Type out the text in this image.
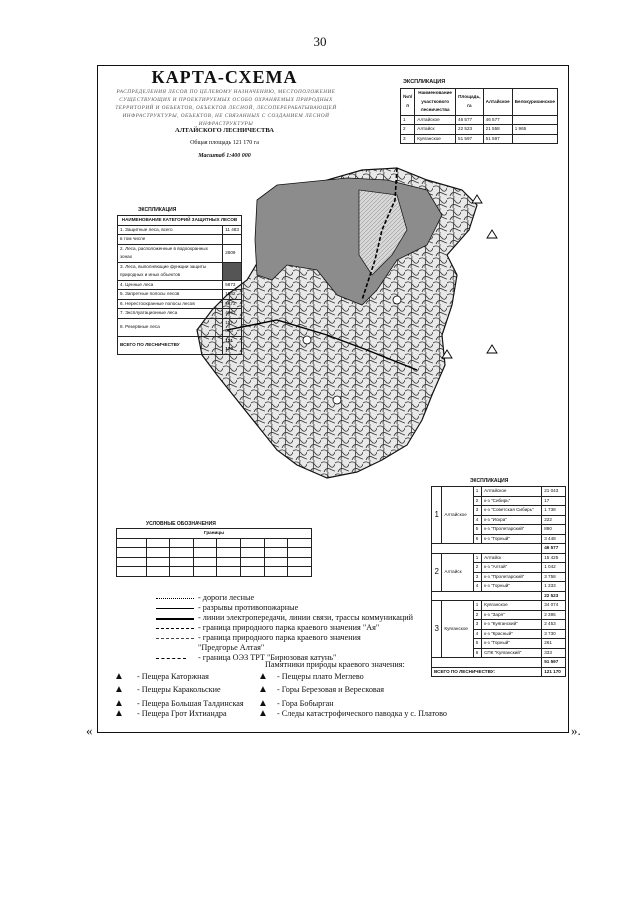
30
КАРТА-СХЕМА
РАСПРЕДЕЛЕНИЯ ЛЕСОВ ПО ЦЕЛЕВОМУ НАЗНАЧЕНИЮ, МЕСТОПОЛОЖЕНИЕ СУЩЕСТВУЮЩИХ И ПРОЕКТИРУЕМЫХ ОСОБО ОХРАНЯЕМЫХ ПРИРОДНЫХ ТЕРРИТОРИЙ И ОБЪЕКТОВ, ОБЪЕКТОВ ЛЕСНОЙ, ЛЕСОПЕРЕРАБАТЫВАЮЩЕЙ ИНФРАСТРУКТУРЫ, ОБЪЕКТОВ, НЕ СВЯЗАННЫХ С СОЗДАНИЕМ ЛЕСНОЙ ИНФРАСТРУКТУРЫ
АЛТАЙСКОГО ЛЕСНИЧЕСТВА
Общая площадь 121 170 га
Масштаб 1:400 000
ЭКСПЛИКАЦИЯ
№п/п	Наименование участкового лесничества	Площадь, га	Алтайское	Белокурихинское
1	Алтайское	46 577	46 577	
2	Алтайск	22 523	21 558	1 965
3	Куяганское	51 597	51 597	
ЭКСПЛИКАЦИЯ
НАИМЕНОВАНИЕ КАТЕГОРИЙ ЗАЩИТНЫХ ЛЕСОВ	
1. Защитные леса, всего	11 483
в том числе	
2. Леса, расположенные в водоохранных зонах	2609
3. Леса, выполняющие функции защиты природных и иных объектов	
4. Ценные леса	5873
5. Запретные полосы лесов	1542
6. Нерестоохранные полосы лесов	5673
7. Эксплуатационные леса	4083
8. Резервные леса	117 663
ВСЕГО ПО ЛЕСНИЧЕСТВУ	121 170
ЭКСПЛИКАЦИЯ
1	Алтайское	1	Алтайское	21 043
		2	к-з "Сибирь"	17
		3	к-з "Советская Сибирь"	1 738
		4	к-з "Искра"	222
		5	к-з "Пролетарский"	890
		6	к-з "Горный"	3 448
				46 577
2	Алтайск	1	Алтайск	15 425
		2	к-з "Алтай"	1 042
		3	к-з "Пролетарский"	3 758
		4	к-з "Горный"	1 333
				22 523
3	Куяганское	1	Куяганское	34 074
		2	к-з "Заря"	2 395
		3	к-з "Куяганский"	2 453
		4	к-з "Красный"	3 730
		5	к-з "Горный"	261
		6	СПК "Куяганский"	333
				51 597
ВСЕГО ПО ЛЕСНИЧЕСТВУ:				121 170
УСЛОВНЫЕ ОБОЗНАЧЕНИЯ
Границы							

- дороги лесные
- разрывы противопожарные
- линии электропередачи, линии связи, трассы коммуникаций
- граница природного парка краевого значения "Ая"
- граница природного парка краевого значения
"Предгорье Алтая"
- граница ОЭЗ ТРТ "Бирюзовая катунь"
Памятники природы краевого значения:
▲ - Пещера Каторжная
▲ - Пещеры Каракольские
▲ - Пещера Большая Талдинская
▲ - Пещера Грот Ихтиандра
▲ - Пещеры плато Меглево
▲ - Горы Березовая и Вересковая
▲ - Гора Бобырган
▲ - Следы катастрофического паводка у с. Платово
«	».
